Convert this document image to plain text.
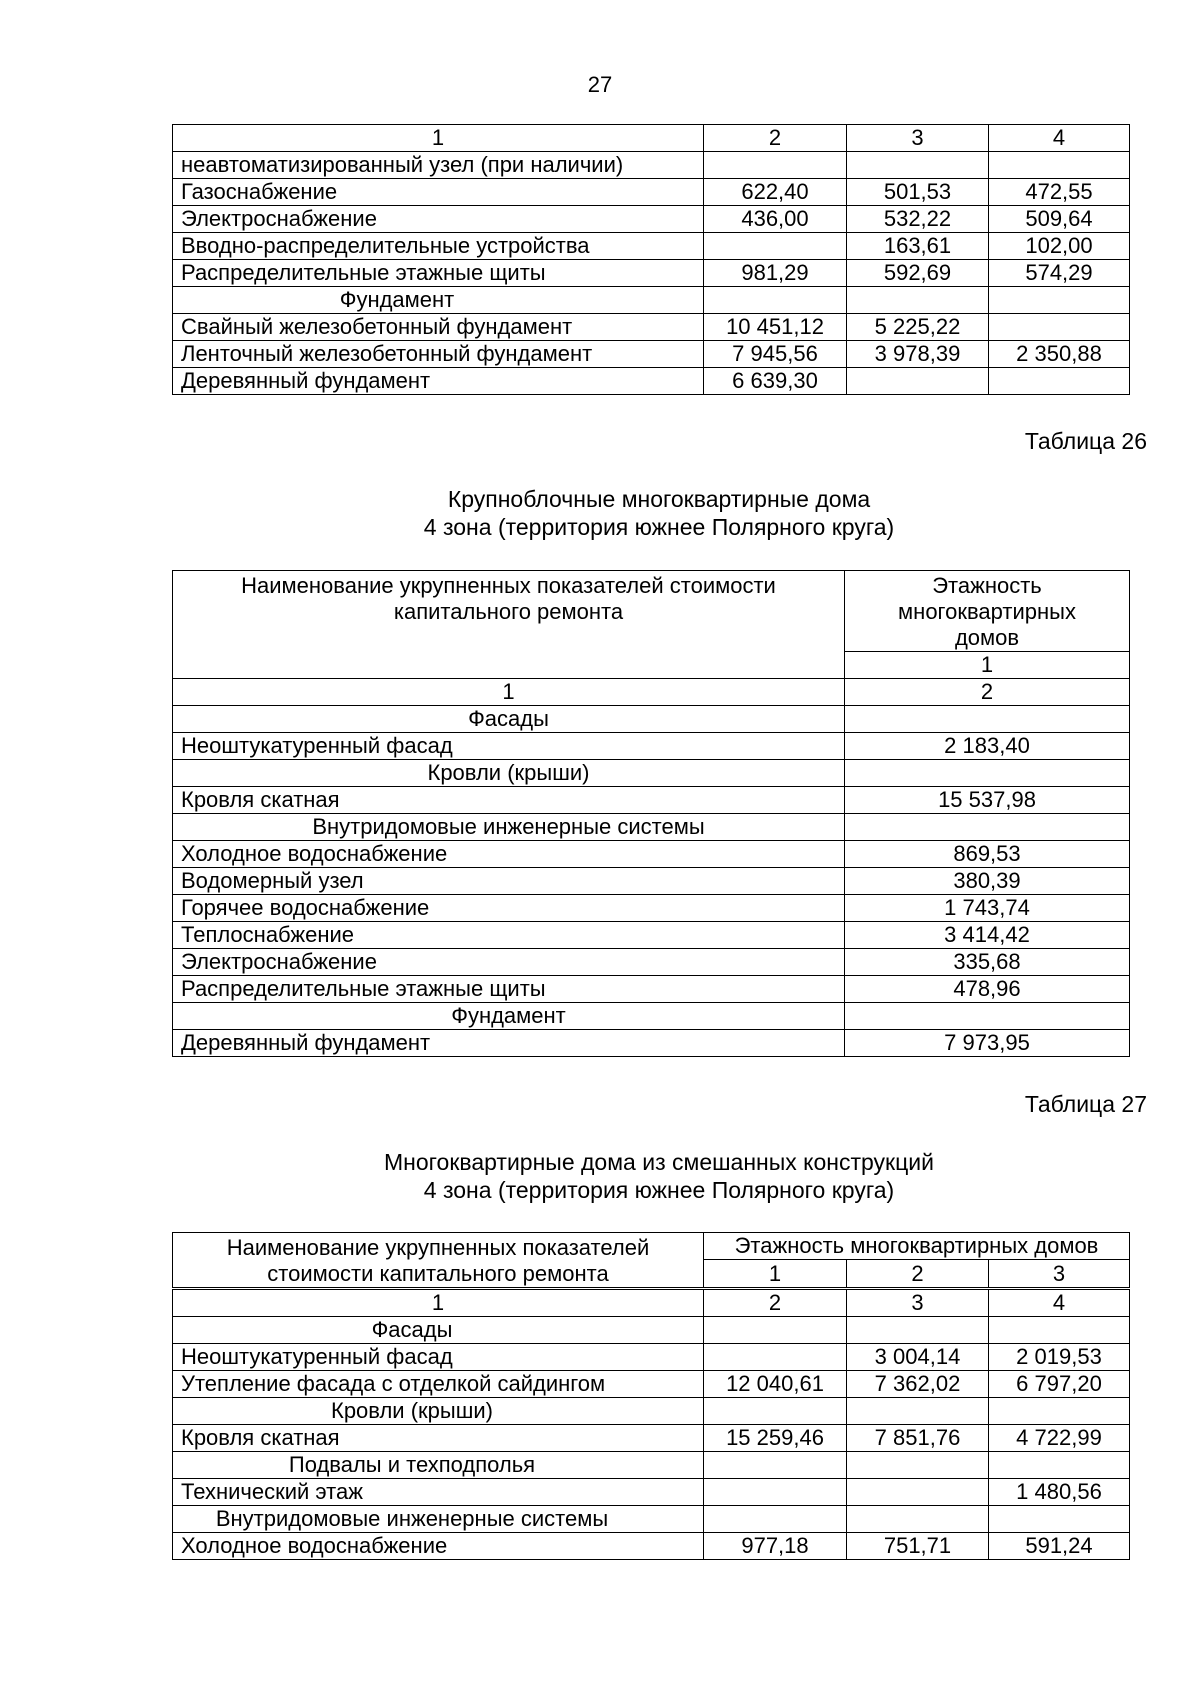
27
1	2	3	4
неавтоматизированный узел (при наличии)			
Газоснабжение	622,40	501,53	472,55
Электроснабжение	436,00	532,22	509,64
Вводно-распределительные устройства		163,61	102,00
Распределительные этажные щиты	981,29	592,69	574,29
Фундамент			
Свайный железобетонный фундамент	10 451,12	5 225,22	
Ленточный железобетонный фундамент	7 945,56	3 978,39	2 350,88
Деревянный фундамент	6 639,30		
Таблица 26
Крупноблочные многоквартирные дома
4 зона (территория южнее Полярного круга)
Наименование укрупненных показателей стоимости капитального ремонта	Этажность многоквартирных домов
	1
1	2
Фасады	
Неоштукатуренный фасад	2 183,40
Кровли (крыши)	
Кровля скатная	15 537,98
Внутридомовые инженерные системы	
Холодное водоснабжение	869,53
Водомерный узел	380,39
Горячее водоснабжение	1 743,74
Теплоснабжение	3 414,42
Электроснабжение	335,68
Распределительные этажные щиты	478,96
Фундамент	
Деревянный фундамент	7 973,95
Таблица 27
Многоквартирные дома из смешанных конструкций
4 зона (территория южнее Полярного круга)
Наименование укрупненных показателей стоимости капитального ремонта	Этажность многоквартирных домов		
	1	2	3
1	2	3	4
Фасады			
Неоштукатуренный фасад		3 004,14	2 019,53
Утепление фасада с отделкой сайдингом	12 040,61	7 362,02	6 797,20
Кровли (крыши)			
Кровля скатная	15 259,46	7 851,76	4 722,99
Подвалы и техподполья			
Технический этаж			1 480,56
Внутридомовые инженерные системы			
Холодное водоснабжение	977,18	751,71	591,24
